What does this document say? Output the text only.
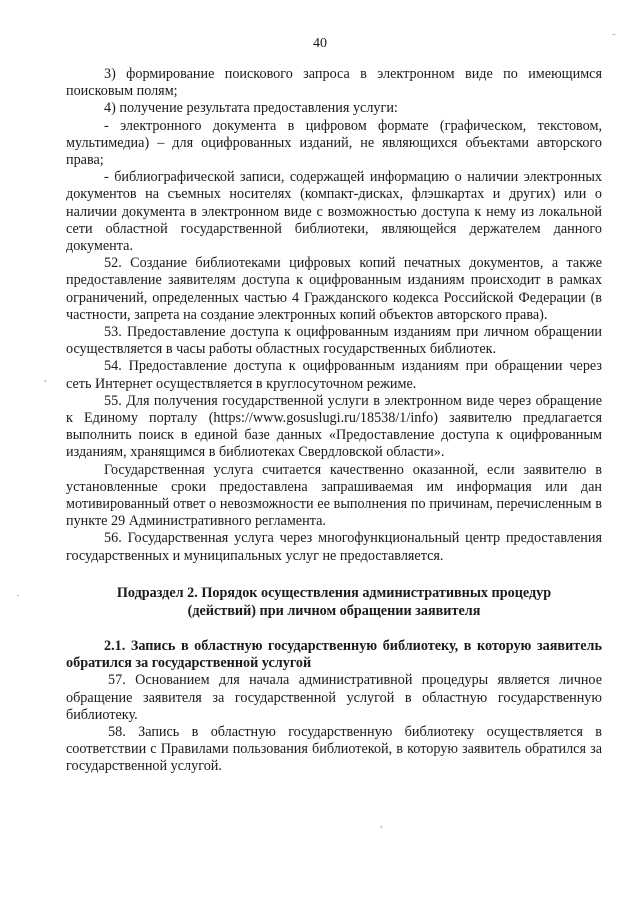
40	˜
,
·
,

3) формирование поискового запроса в электронном виде по имеющимся поисковым полям;

4) получение результата предоставления услуги:

- электронного документа в цифровом формате (графическом, текстовом, мультимедиа) – для оцифрованных изданий, не являющихся объектами авторского права;

- библиографической записи, содержащей информацию о наличии электронных документов на съемных носителях (компакт-дисках, флэшкартах и других) или о наличии документа в электронном виде с возможностью доступа к нему из локальной сети областной государственной библиотеки, являющейся держателем данного документа.

52. Создание библиотеками цифровых копий печатных документов, а также предоставление заявителям доступа к оцифрованным изданиям происходит в рамках ограничений, определенных частью 4 Гражданского кодекса Российской Федерации (в частности, запрета на создание электронных копий объектов авторского права).

53. Предоставление доступа к оцифрованным изданиям при личном обращении осуществляется в часы работы областных государственных библиотек.

54. Предоставление доступа к оцифрованным изданиям при обращении через сеть Интернет осуществляется в круглосуточном режиме.

55. Для получения государственной услуги в электронном виде через обращение к Единому порталу (https://www.gosuslugi.ru/18538/1/info) заявителю предлагается выполнить поиск в единой базе данных «Предоставление доступа к оцифрованным изданиям, хранящимся в библиотеках Свердловской области».

Государственная услуга считается качественно оказанной, если заявителю в установленные сроки предоставлена запрашиваемая им информация или дан мотивированный ответ о невозможности ее выполнения по причинам, перечисленным в пункте 29 Административного регламента.

56. Государственная услуга через многофункциональный центр предоставления государственных и муниципальных услуг не предоставляется.

Подраздел 2. Порядок осуществления административных процедур (действий) при личном обращении заявителя

2.1. Запись в областную государственную библиотеку, в которую заявитель обратился за государственной услугой

57. Основанием для начала административной процедуры является личное обращение заявителя за государственной услугой в областную государственную библиотеку.

58. Запись в областную государственную библиотеку осуществляется в соответствии с Правилами пользования библиотекой, в которую заявитель обратился за государственной услугой.
